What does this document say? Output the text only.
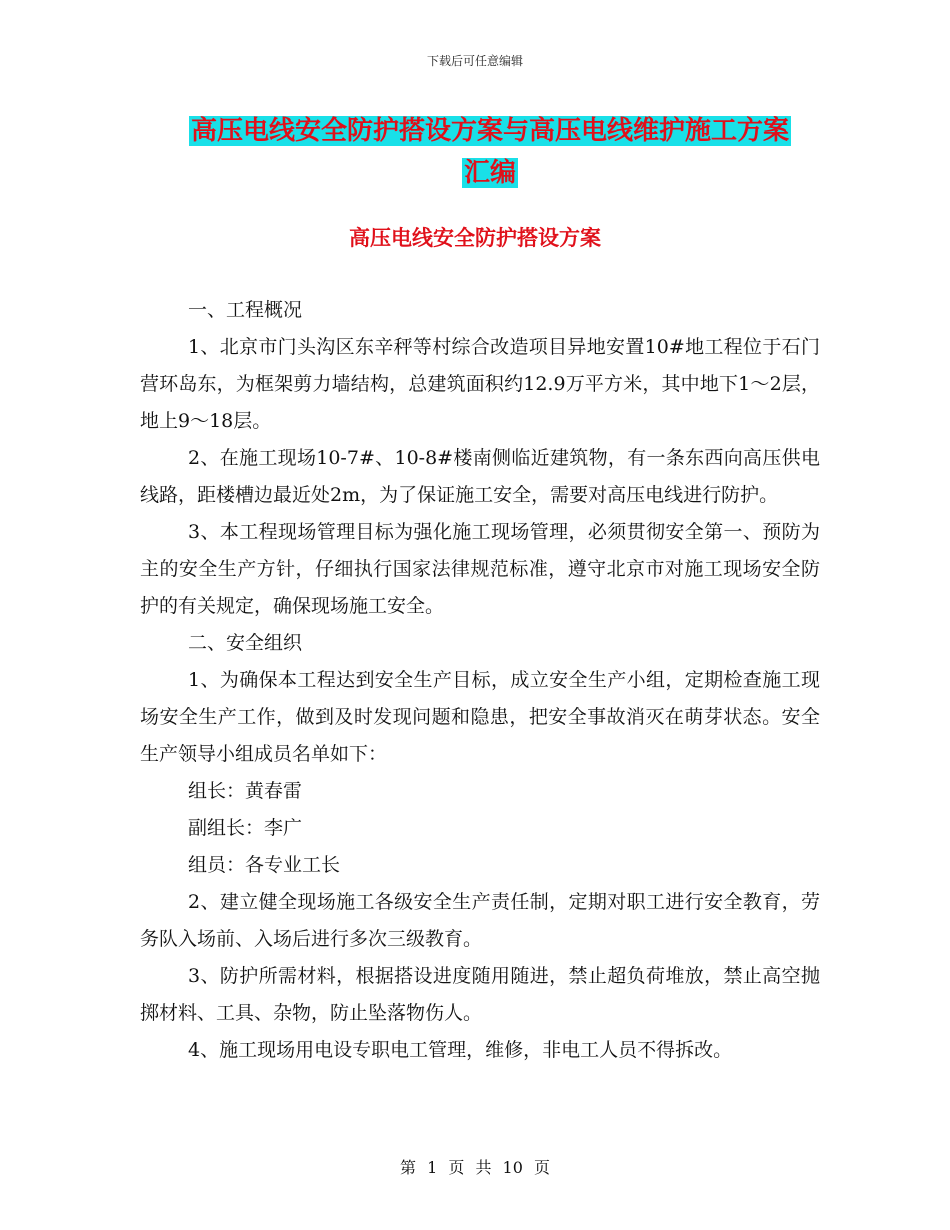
下载后可任意编辑
高压电线安全防护搭设方案与高压电线维护施工方案
汇编
高压电线安全防护搭设方案

一、工程概况

1、北京市门头沟区东辛秤等村综合改造项目异地安置10#地工程位于石门营环岛东，为框架剪力墙结构，总建筑面积约12.9万平方米，其中地下1～2层，地上9～18层。

2、在施工现场10-7#、10-8#楼南侧临近建筑物，有一条东西向高压供电线路，距楼槽边最近处2m，为了保证施工安全，需要对高压电线进行防护。

3、本工程现场管理目标为强化施工现场管理，必须贯彻安全第一、预防为主的安全生产方针，仔细执行国家法律规范标准，遵守北京市对施工现场安全防护的有关规定，确保现场施工安全。

二、安全组织

1、为确保本工程达到安全生产目标，成立安全生产小组，定期检查施工现场安全生产工作，做到及时发现问题和隐患，把安全事故消灭在萌芽状态。安全生产领导小组成员名单如下：

组长：黄春雷

副组长：李广

组员：各专业工长

2、建立健全现场施工各级安全生产责任制，定期对职工进行安全教育，劳务队入场前、入场后进行多次三级教育。

3、防护所需材料，根据搭设进度随用随进，禁止超负荷堆放，禁止高空抛掷材料、工具、杂物，防止坠落物伤人。

4、施工现场用电设专职电工管理，维修，非电工人员不得拆改。

第 1 页 共 10 页
